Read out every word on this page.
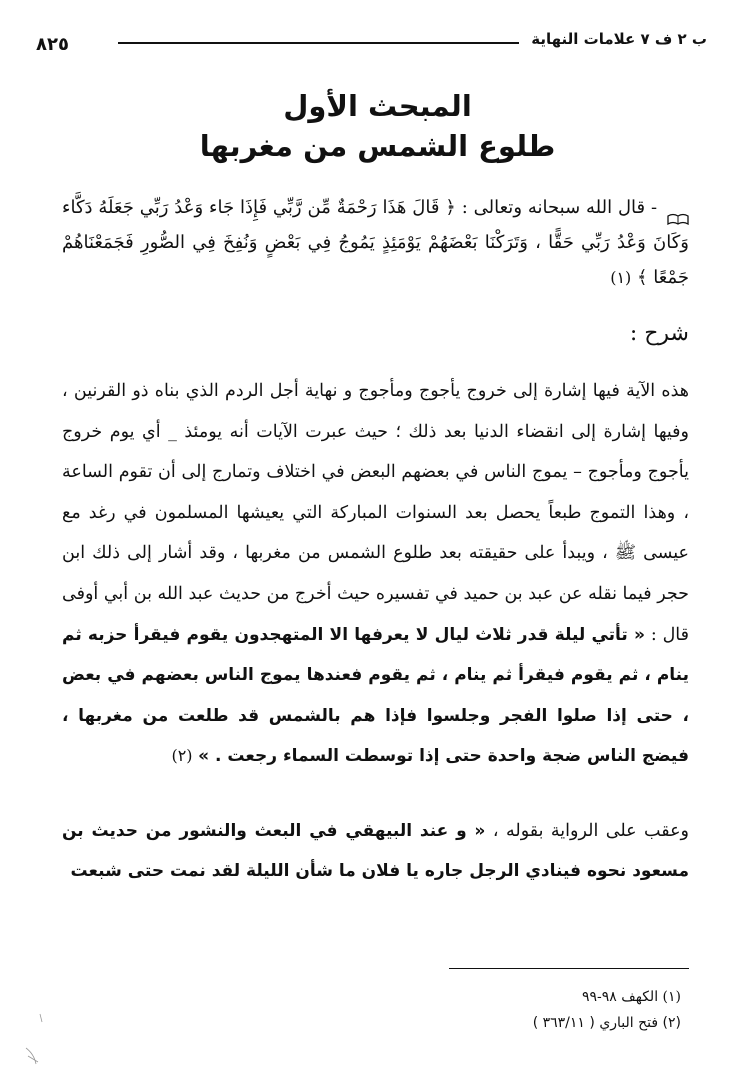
ب ٢ ف ٧ علامات النهاية
٨٢٥
المبحث الأول
طلوع الشمس من مغربها
- قال الله سبحانه وتعالى : ﴿ قَالَ هَذَا رَحْمَةٌ مِّن رَّبِّي فَإِذَا جَاء وَعْدُ رَبِّي جَعَلَهُ دَكَّاء وَكَانَ وَعْدُ رَبِّي حَقًّا ، وَتَرَكْنَا بَعْضَهُمْ يَوْمَئِذٍ يَمُوجُ فِي بَعْضٍ وَنُفِخَ فِي الصُّورِ فَجَمَعْنَاهُمْ جَمْعًا ﴾ (١)
شرح :
هذه الآية فيها إشارة إلى خروج يأجوج ومأجوج و نهاية أجل الردم الذي بناه ذو القرنين ، وفيها إشارة إلى انقضاء الدنيا بعد ذلك ؛ حيث عبرت الآيات أنه يومئذ _ أي يوم خروج يأجوج ومأجوج – يموج الناس في بعضهم البعض في اختلاف وتمارج إلى أن تقوم الساعة ، وهذا التموج طبعاً يحصل بعد السنوات المباركة التي يعيشها المسلمون في رغد مع عيسى ﷺ ، ويبدأ على حقيقته بعد طلوع الشمس من مغربها ، وقد أشار إلى ذلك ابن حجر فيما نقله عن عبد بن حميد في تفسيره حيث أخرج من حديث عبد الله بن أبي أوفى قال : « تأتي ليلة قدر ثلاث ليال لا يعرفها الا المتهجدون يقوم فيقرأ حزبه ثم ينام ، ثم يقوم فيقرأ ثم ينام ، ثم يقوم فعندها يموج الناس بعضهم في بعض ، حتى إذا صلوا الفجر وجلسوا فإذا هم بالشمس قد طلعت من مغربها ، فيضج الناس ضجة واحدة حتى إذا توسطت السماء رجعت . » (٢)
وعقب على الرواية بقوله ، « و عند البيهقي في البعث والنشور من حديث بن مسعود نحوه فينادي الرجل جاره يا فلان ما شأن الليلة لقد نمت حتى شبعت
(١) الكهف ٩٨-٩٩
(٢) فتح الباري ( ٣٦٣/١١ )
